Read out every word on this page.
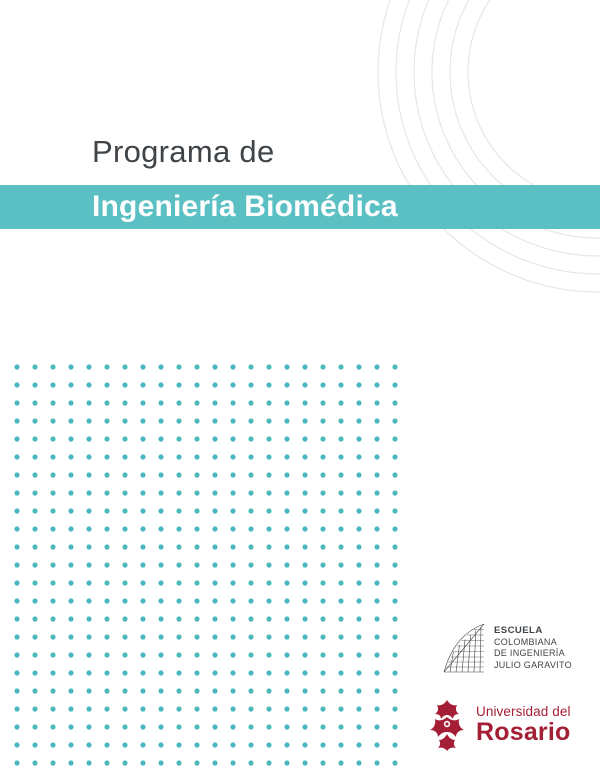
Programa de
Ingeniería Biomédica
ESCUELA
COLOMBIANA
DE INGENIERÍA
JULIO GARAVITO
Universidad del
Rosario
